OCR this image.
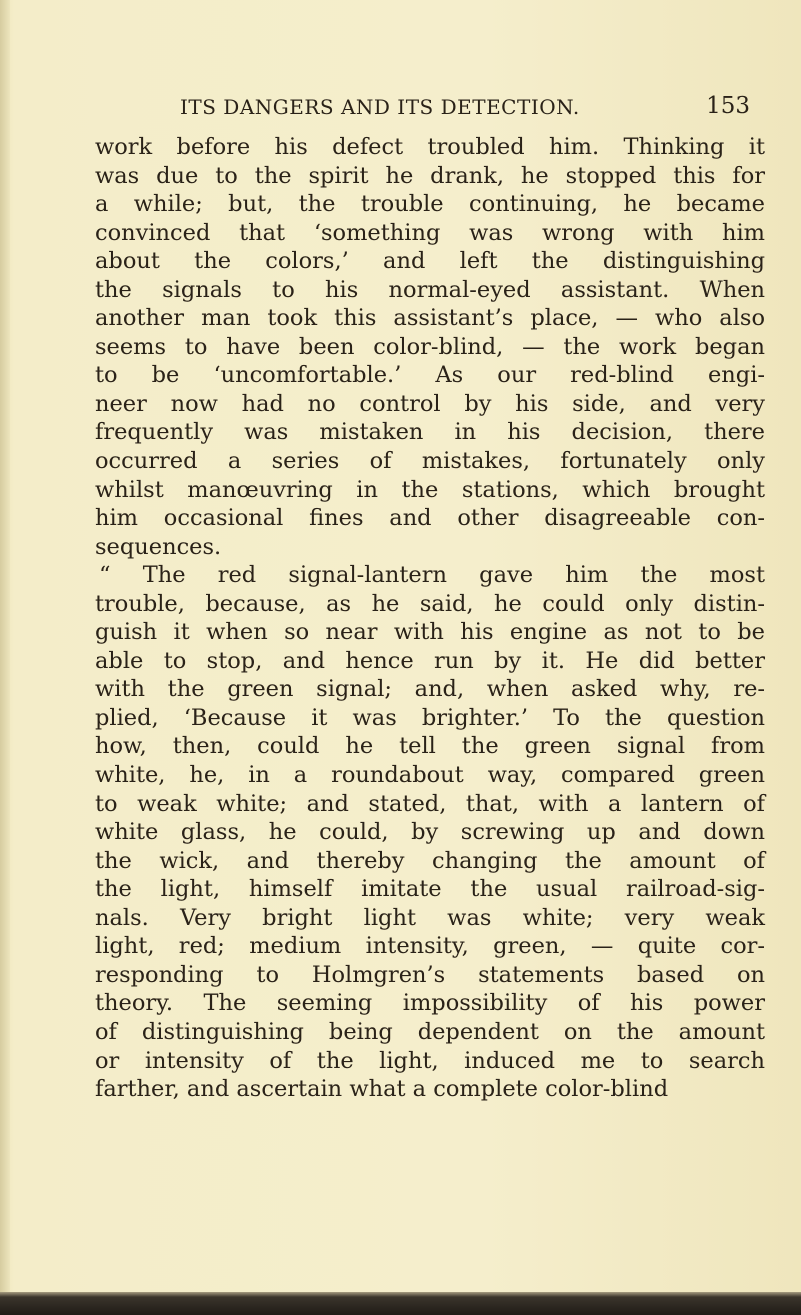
ITS DANGERS AND ITS DETECTION.	153
work before his defect troubled him. Thinking it
was due to the spirit he drank, he stopped this for
a while; but, the trouble continuing, he became
convinced that ‘something was wrong with him
about the colors,’ and left the distinguishing
the signals to his normal-eyed assistant. When
another man took this assistant’s place, — who also
seems to have been color-blind, — the work began
to be ‘uncomfortable.’ As our red-blind engi-
neer now had no control by his side, and very
frequently was mistaken in his decision, there
occurred a series of mistakes, fortunately only
whilst manœuvring in the stations, which brought
him occasional fines and other disagreeable con-
sequences.
“ The red signal-lantern gave him the most
trouble, because, as he said, he could only distin-
guish it when so near with his engine as not to be
able to stop, and hence run by it. He did better
with the green signal; and, when asked why, re-
plied, ‘Because it was brighter.’ To the question
how, then, could he tell the green signal from
white, he, in a roundabout way, compared green
to weak white; and stated, that, with a lantern of
white glass, he could, by screwing up and down
the wick, and thereby changing the amount of
the light, himself imitate the usual railroad-sig-
nals. Very bright light was white; very weak
light, red; medium intensity, green, — quite cor-
responding to Holmgren’s statements based on
theory. The seeming impossibility of his power
of distinguishing being dependent on the amount
or intensity of the light, induced me to search
farther, and ascertain what a complete color-blind
